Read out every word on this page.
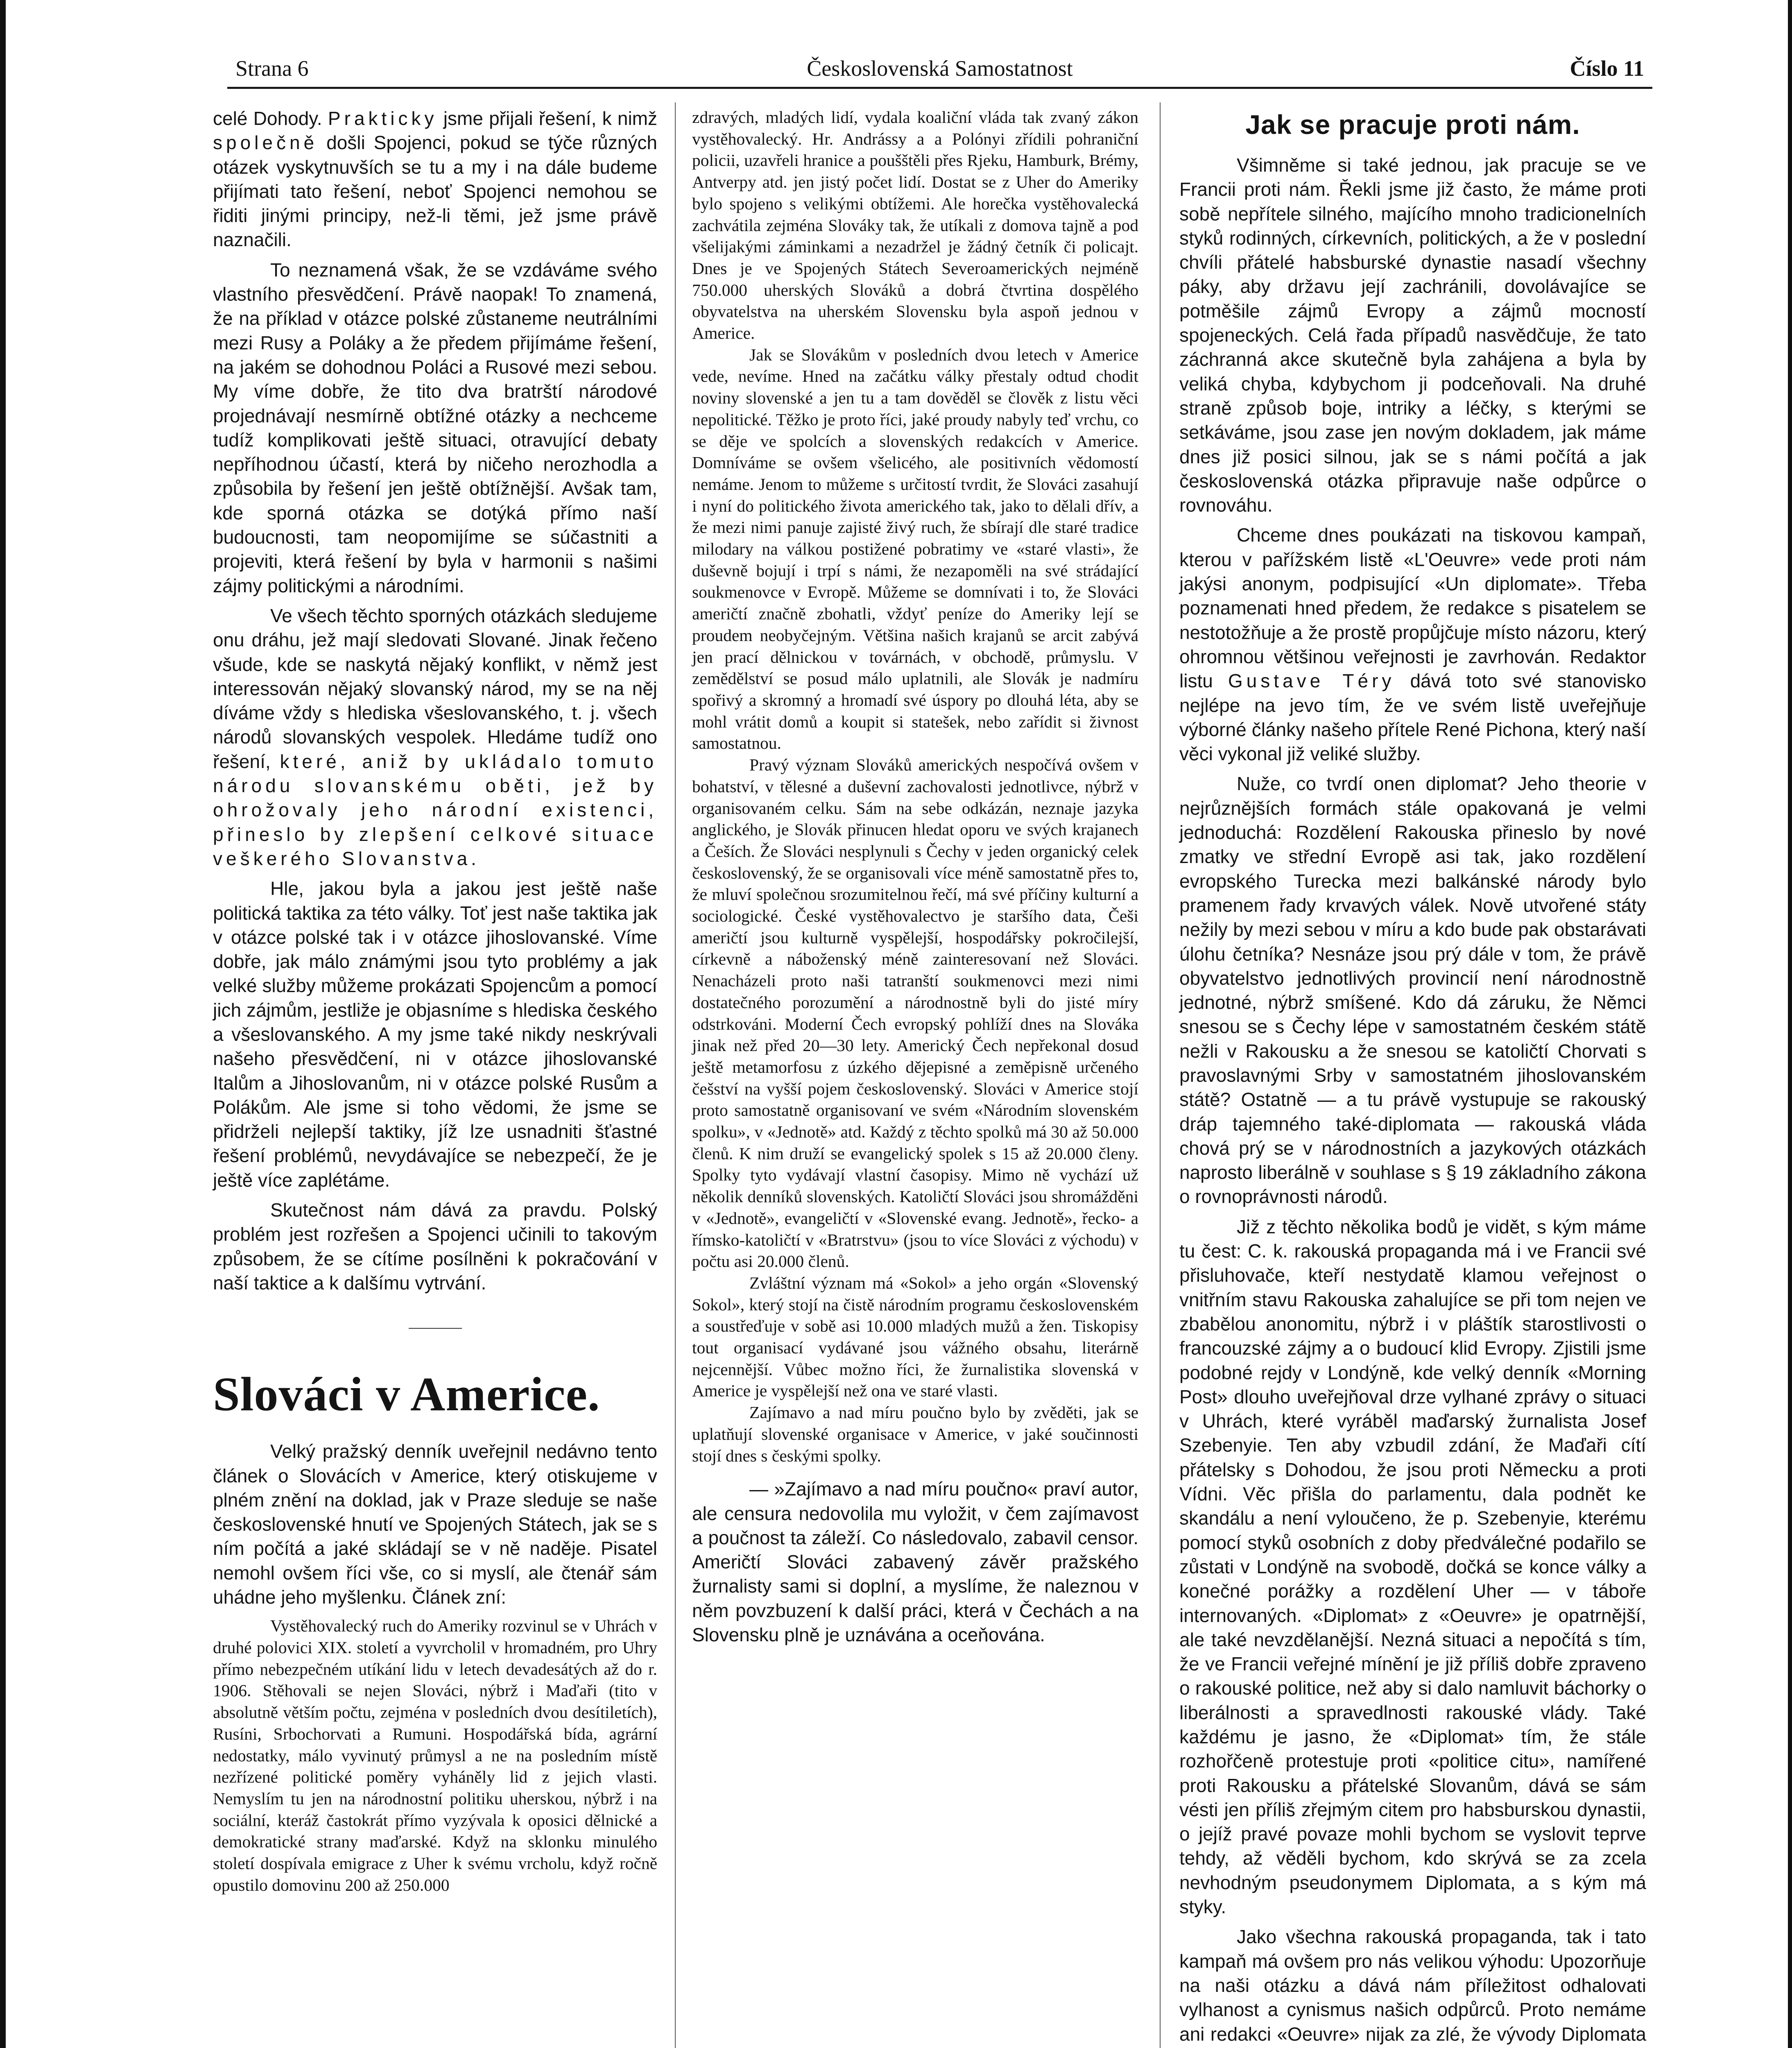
Strana 6	Československá Samostatnost	Číslo 11

celé Dohody. Prakticky jsme přijali řešení, k nimž společně došli Spojenci, pokud se týče různých otázek vyskytnuvších se tu a my i na dále budeme přijímati tato řešení, neboť Spojenci nemohou se řiditi jinými principy, než-li těmi, jež jsme právě naznačili.

To neznamená však, že se vzdáváme svého vlastního přesvědčení. Právě naopak! To znamená, že na příklad v otázce polské zůstaneme neutrálními mezi Rusy a Poláky a že předem přijímáme řešení, na jakém se dohodnou Poláci a Rusové mezi sebou. My víme dobře, že tito dva bratrští národové projednávají nesmírně obtížné otázky a nechceme tudíž komplikovati ještě situaci, otravující debaty nepříhodnou účastí, která by ničeho nerozhodla a způsobila by řešení jen ještě obtížnější. Avšak tam, kde sporná otázka se dotýká přímo naší budoucnosti, tam neopomijíme se súčastniti a projeviti, která řešení by byla v harmonii s našimi zájmy politickými a národními.

Ve všech těchto sporných otázkách sledujeme onu dráhu, jež mají sledovati Slované. Jinak řečeno všude, kde se naskytá nějaký konflikt, v němž jest interessován nějaký slovanský národ, my se na něj díváme vždy s hlediska všeslovanského, t. j. všech národů slovanských vespolek. Hledáme tudíž ono řešení, které, aniž by ukládalo tomuto národu slovanskému oběti, jež by ohrožovaly jeho národní existenci, přineslo by zlepšení celkové situace veškerého Slovanstva.

Hle, jakou byla a jakou jest ještě naše politická taktika za této války. Toť jest naše taktika jak v otázce polské tak i v otázce jihoslovanské. Víme dobře, jak málo známými jsou tyto problémy a jak velké služby můžeme prokázati Spojencům a pomocí jich zájmům, jestliže je objasníme s hlediska českého a všeslovanského. A my jsme také nikdy neskrývali našeho přesvědčení, ni v otázce jihoslovanské Italům a Jihoslovanům, ni v otázce polské Rusům a Polákům. Ale jsme si toho vědomi, že jsme se přidrželi nejlepší taktiky, jíž lze usnadniti šťastné řešení problémů, nevydávajíce se nebezpečí, že je ještě více zaplétáme.

Skutečnost nám dává za pravdu. Polský problém jest rozřešen a Spojenci učinili to takovým způsobem, že se cítíme posílněni k pokračování v naší taktice a k dalšímu vytrvání.

Slováci v Americe.

Velký pražský denník uveřejnil nedávno tento článek o Slovácích v Americe, který otiskujeme v plném znění na doklad, jak v Praze sleduje se naše československé hnutí ve Spojených Státech, jak se s ním počítá a jaké skládají se v ně naděje. Pisatel nemohl ovšem říci vše, co si myslí, ale čtenář sám uhádne jeho myšlenku. Článek zní:

Vystěhovalecký ruch do Ameriky rozvinul se v Uhrách v druhé polovici XIX. století a vyvrcholil v hromadném, pro Uhry přímo nebezpečném utíkání lidu v letech devadesátých až do r. 1906. Stěhovali se nejen Slováci, nýbrž i Maďaři (tito v absolutně větším počtu, zejména v posledních dvou desítiletích), Rusíni, Srbochorvati a Rumuni. Hospodářská bída, agrární nedostatky, málo vyvinutý průmysl a ne na posledním místě nezřízené politické poměry vyháněly lid z jejich vlasti. Nemyslím tu jen na národnostní politiku uherskou, nýbrž i na sociální, kteráž častokrát přímo vyzývala k oposici dělnické a demokratické strany maďarské. Když na sklonku minulého století dospívala emigrace z Uher k svému vrcholu, když ročně opustilo domovinu 200 až 250.000

zdravých, mladých lidí, vydala koaliční vláda tak zvaný zákon vystěhovalecký. Hr. Andrássy a a Polónyi zřídili pohraniční policii, uzavřeli hranice a poušštěli přes Rjeku, Hamburk, Brémy, Antverpy atd. jen jistý počet lidí. Dostat se z Uher do Ameriky bylo spojeno s velikými obtížemi. Ale horečka vystěhovalecká zachvátila zejména Slováky tak, že utíkali z domova tajně a pod všelijakými záminkami a nezadržel je žádný četník či policajt. Dnes je ve Spojených Státech Severoamerických nejméně 750.000 uherských Slováků a dobrá čtvrtina dospělého obyvatelstva na uherském Slovensku byla aspoň jednou v Americe.

Jak se Slovákům v posledních dvou letech v Americe vede, nevíme. Hned na začátku války přestaly odtud chodit noviny slovenské a jen tu a tam dověděl se člověk z listu věci nepolitické. Těžko je proto říci, jaké proudy nabyly teď vrchu, co se děje ve spolcích a slovenských redakcích v Americe. Domníváme se ovšem všelicého, ale positivních vědomostí nemáme. Jenom to můžeme s určitostí tvrdit, že Slováci zasahují i nyní do politického života amerického tak, jako to dělali dřív, a že mezi nimi panuje zajisté živý ruch, že sbírají dle staré tradice milodary na válkou postižené pobratimy ve «staré vlasti», že duševně bojují i trpí s námi, že nezapoměli na své strádající soukmenovce v Evropě. Můžeme se domnívati i to, že Slováci američtí značně zbohatli, vždyť peníze do Ameriky lejí se proudem neobyčejným. Většina našich krajanů se arcit zabývá jen prací dělnickou v továrnách, v obchodě, průmyslu. V zemědělství se posud málo uplatnili, ale Slovák je nadmíru spořivý a skromný a hromadí své úspory po dlouhá léta, aby se mohl vrátit domů a koupit si statešek, nebo zařídit si živnost samostatnou.

Pravý význam Slováků amerických nespočívá ovšem v bohatství, v tělesné a duševní zachovalosti jednotlivce, nýbrž v organisovaném celku. Sám na sebe odkázán, neznaje jazyka anglického, je Slovák přinucen hledat oporu ve svých krajanech a Češích. Že Slováci nesplynuli s Čechy v jeden organický celek československý, že se organisovali více méně samostatně přes to, že mluví společnou srozumitelnou řečí, má své příčiny kulturní a sociologické. České vystěhovalectvo je staršího data, Češi američtí jsou kulturně vyspělejší, hospodářsky pokročilejší, církevně a náboženský méně zainteresovaní než Slováci. Nenacházeli proto naši tatranští soukmenovci mezi nimi dostatečného porozumění a národnostně byli do jisté míry odstrkováni. Moderní Čech evropský pohlíží dnes na Slováka jinak než před 20—30 lety. Americký Čech nepřekonal dosud ještě metamorfosu z úzkého dějepisné a zeměpisně určeného češství na vyšší pojem československý. Slováci v Americe stojí proto samostatně organisovaní ve svém «Národním slovenském spolku», v «Jednotě» atd. Každý z těchto spolků má 30 až 50.000 členů. K nim druží se evangelický spolek s 15 až 20.000 členy. Spolky tyto vydávají vlastní časopisy. Mimo ně vychází už několik denníků slovenských. Katoličtí Slováci jsou shromážděni v «Jednotě», evangeličtí v «Slovenské evang. Jednotě», řecko- a římsko-katoličtí v «Bratrstvu» (jsou to více Slováci z východu) v počtu asi 20.000 členů.

Zvláštní význam má «Sokol» a jeho orgán «Slovenský Sokol», který stojí na čistě národním programu československém a soustřeďuje v sobě asi 10.000 mladých mužů a žen. Tiskopisy tout organisací vydávané jsou vážného obsahu, literárně nejcennější. Vůbec možno říci, že žurnalistika slovenská v Americe je vyspělejší než ona ve staré vlasti.

Zajímavo a nad míru poučno bylo by zvěděti, jak se uplatňují slovenské organisace v Americe, v jaké součinnosti stojí dnes s českými spolky.

— »Zajímavo a nad míru poučno« praví autor, ale censura nedovolila mu vyložit, v čem zajímavost a poučnost ta záleží. Co následovalo, zabavil censor. Američtí Slováci zabavený závěr pražského žurnalisty sami si doplní, a myslíme, že naleznou v něm povzbuzení k další práci, která v Čechách a na Slovensku plně je uznávána a oceňována.

Jak se pracuje proti nám.

Všimněme si také jednou, jak pracuje se ve Francii proti nám. Řekli jsme již často, že máme proti sobě nepřítele silného, majícího mnoho tradicionelních styků rodinných, církevních, politických, a že v poslední chvíli přátelé habsburské dynastie nasadí všechny páky, aby državu její zachránili, dovolávajíce se potměšile zájmů Evropy a zájmů mocností spojeneckých. Celá řada případů nasvědčuje, že tato záchranná akce skutečně byla zahájena a byla by veliká chyba, kdybychom ji podceňovali. Na druhé straně způsob boje, intriky a léčky, s kterými se setkáváme, jsou zase jen novým dokladem, jak máme dnes již posici silnou, jak se s námi počítá a jak československá otázka připravuje naše odpůrce o rovnováhu.

Chceme dnes poukázati na tiskovou kampaň, kterou v pařížském listě «L'Oeuvre» vede proti nám jakýsi anonym, podpisující «Un diplomate». Třeba poznamenati hned předem, že redakce s pisatelem se nestotožňuje a že prostě propůjčuje místo názoru, který ohromnou většinou veřejnosti je zavrhován. Redaktor listu Gustave Téry dává toto své stanovisko nejlépe na jevo tím, že ve svém listě uveřejňuje výborné články našeho přítele René Pichona, který naší věci vykonal již veliké služby.

Nuže, co tvrdí onen diplomat? Jeho theorie v nejrůznějších formách stále opakovaná je velmi jednoduchá: Rozdělení Rakouska přineslo by nové zmatky ve střední Evropě asi tak, jako rozdělení evropského Turecka mezi balkánské národy bylo pramenem řady krvavých válek. Nově utvořené státy nežily by mezi sebou v míru a kdo bude pak obstarávati úlohu četníka? Nesnáze jsou prý dále v tom, že právě obyvatelstvo jednotlivých provincií není národnostně jednotné, nýbrž smíšené. Kdo dá záruku, že Němci snesou se s Čechy lépe v samostatném českém státě nežli v Rakousku a že snesou se katoličtí Chorvati s pravoslavnými Srby v samostatném jihoslovanském státě? Ostatně — a tu právě vystupuje se rakouský dráp tajemného také-diplomata — rakouská vláda chová prý se v národnostních a jazykových otázkách naprosto liberálně v souhlase s § 19 základního zákona o rovnoprávnosti národů.

Již z těchto několika bodů je vidět, s kým máme tu čest: C. k. rakouská propaganda má i ve Francii své přisluhovače, kteří nestydatě klamou veřejnost o vnitřním stavu Rakouska zahalujíce se při tom nejen ve zbabělou anonomitu, nýbrž i v pláštík starostlivosti o francouzské zájmy a o budoucí klid Evropy. Zjistili jsme podobné rejdy v Londýně, kde velký denník «Morning Post» dlouho uveřejňoval drze vylhané zprávy o situaci v Uhrách, které vyráběl maďarský žurnalista Josef Szebenyie. Ten aby vzbudil zdání, že Maďaři cítí přátelsky s Dohodou, že jsou proti Německu a proti Vídni. Věc přišla do parlamentu, dala podnět ke skandálu a není vyloučeno, že p. Szebenyie, kterému pomocí styků osobních z doby předválečné podařilo se zůstati v Londýně na svobodě, dočká se konce války a konečné porážky a rozdělení Uher — v táboře internovaných. «Diplomat» z «Oeuvre» je opatrnější, ale také nevzdělanější. Nezná situaci a nepočítá s tím, že ve Francii veřejné mínění je již příliš dobře zpraveno o rakouské politice, než aby si dalo namluvit báchorky o liberálnosti a spravedlnosti rakouské vlády. Také každému je jasno, že «Diplomat» tím, že stále rozhořčeně protestuje proti «politice citu», namířené proti Rakousku a přátelské Slovanům, dává se sám vésti jen příliš zřejmým citem pro habsburskou dynastii, o jejíž pravé povaze mohli bychom se vyslovit teprve tehdy, až věděli bychom, kdo skrývá se za zcela nevhodným pseudonymem Diplomata, a s kým má styky.

Jako všechna rakouská propaganda, tak i tato kampaň má ovšem pro nás velikou výhodu: Upozorňuje na naši otázku a dává nám příležitost odhalovati vylhanost a cynismus našich odpůrců. Proto nemáme ani redakci «Oeuvre» nijak za zlé, že vývody Diplomata
